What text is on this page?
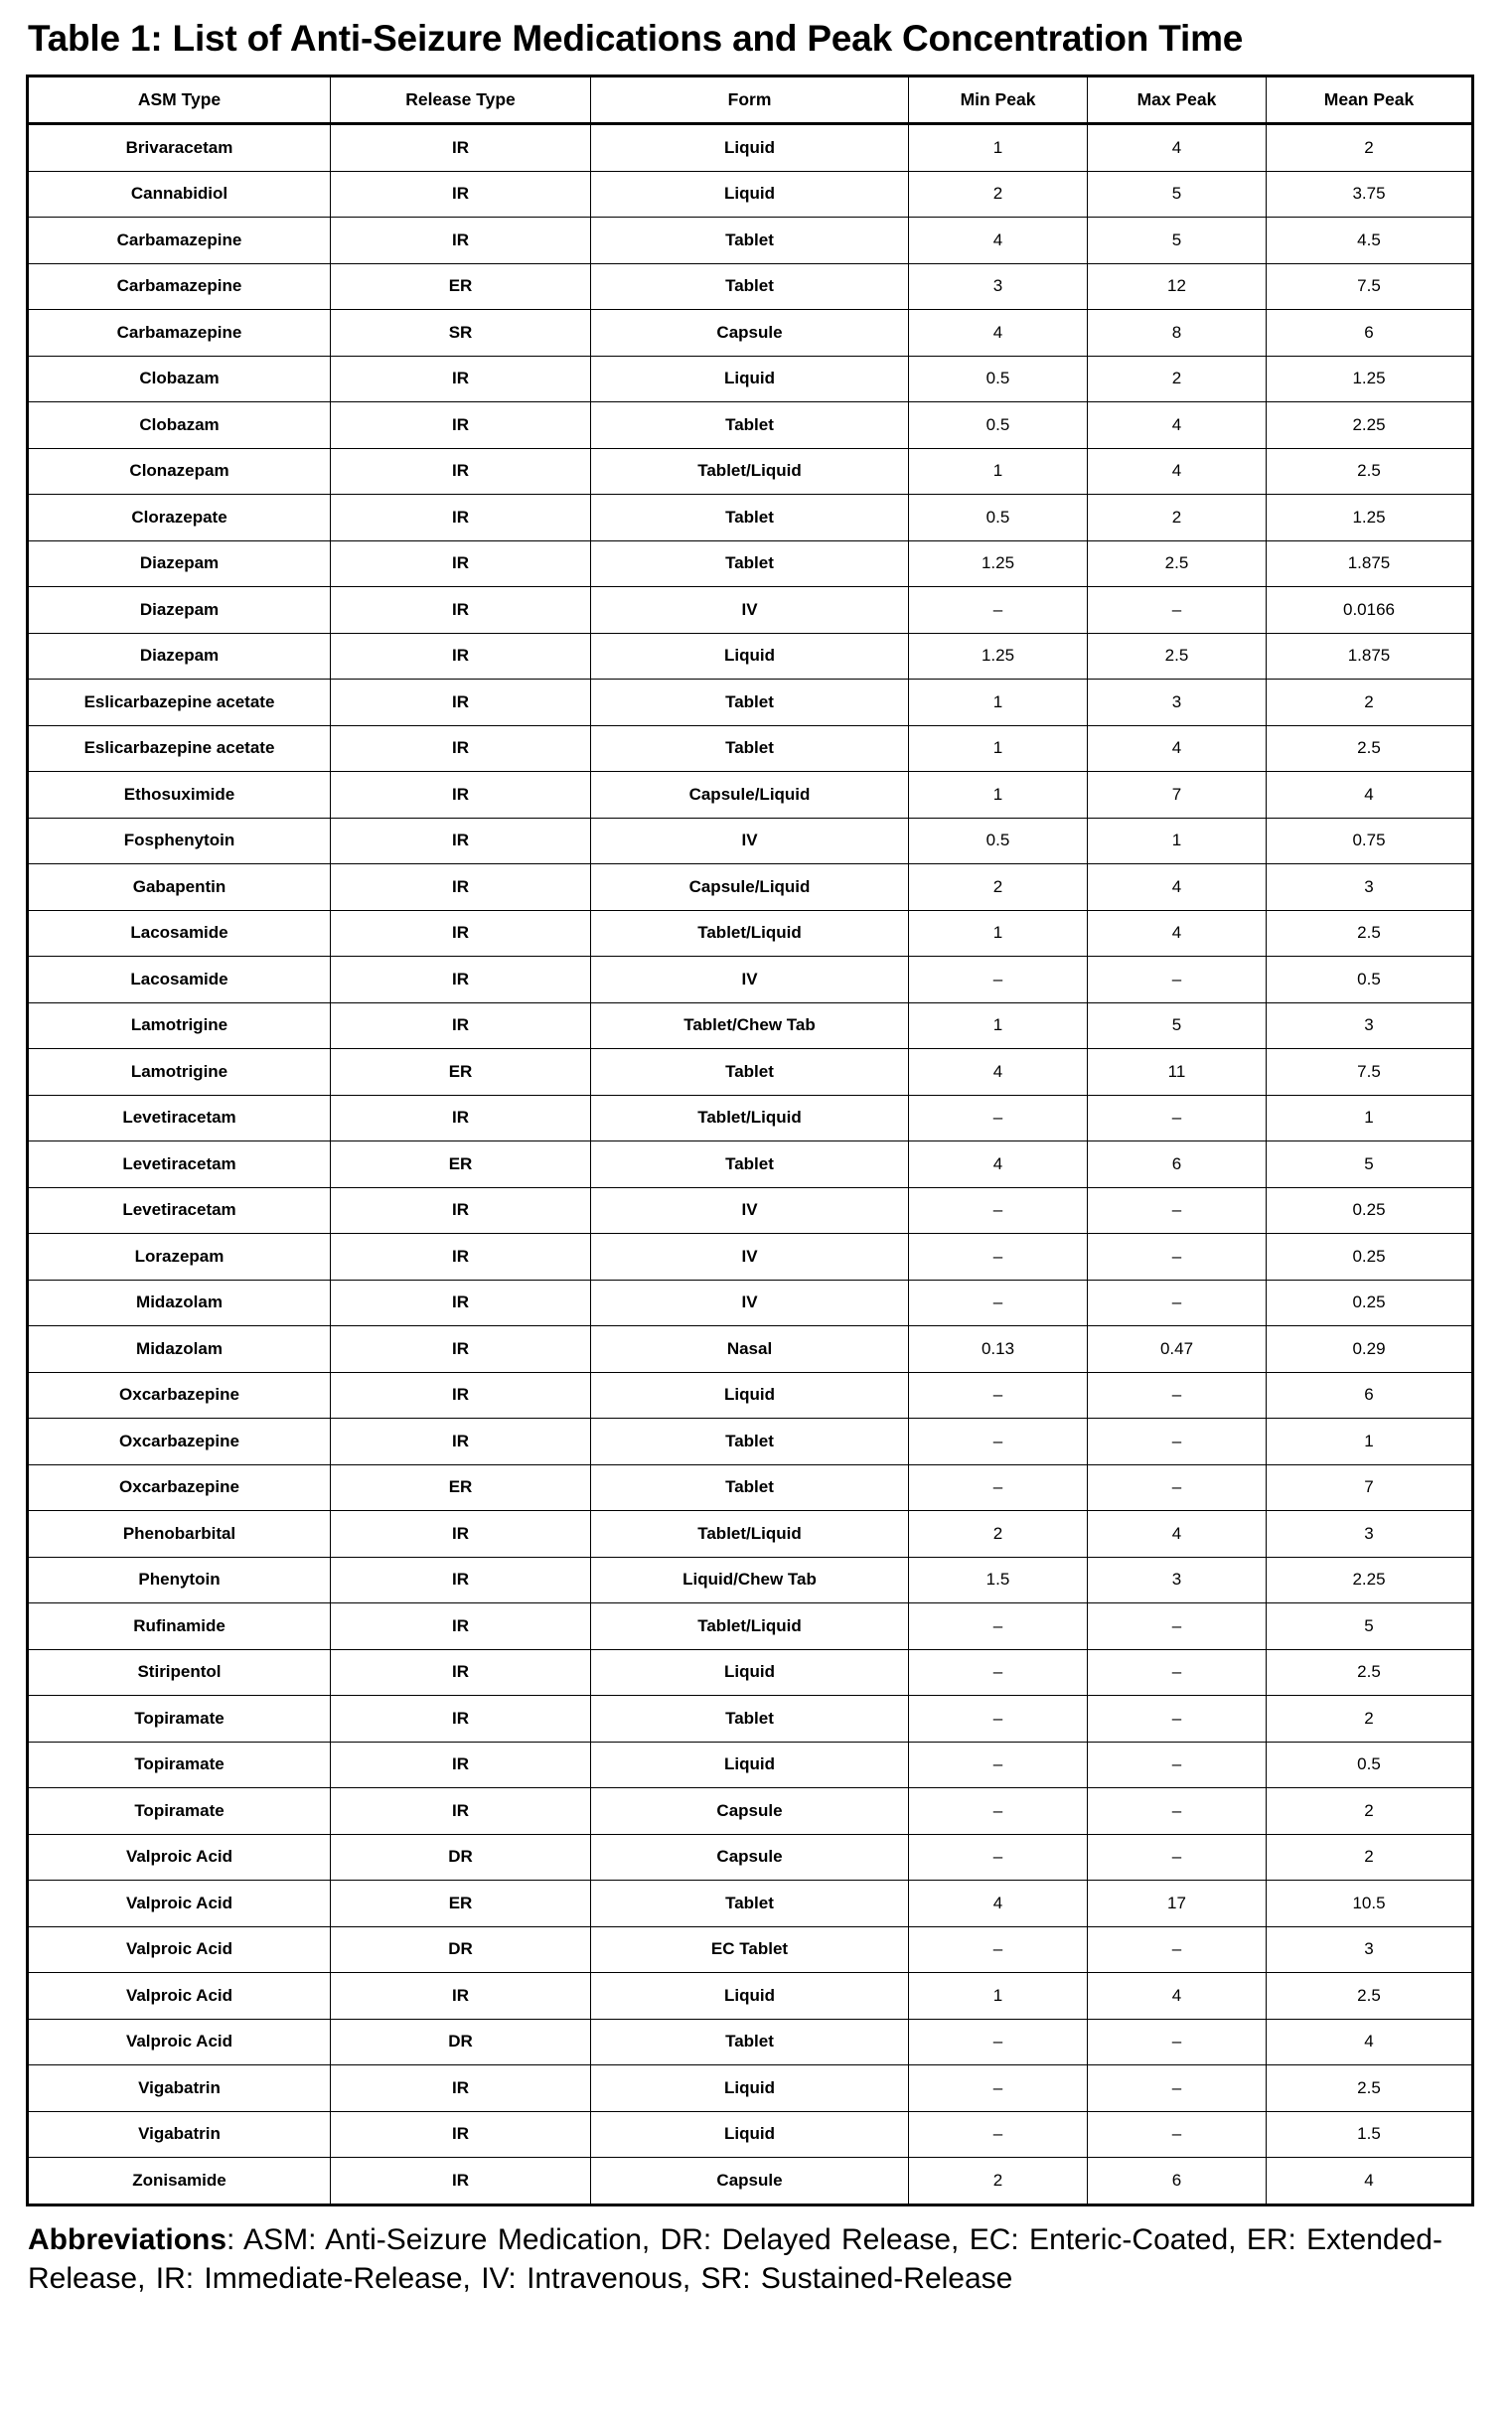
Table 1: List of Anti-Seizure Medications and Peak Concentration Time
ASM Type	Release Type	Form	Min Peak	Max Peak	Mean Peak
Brivaracetam	IR	Liquid	1	4	2
Cannabidiol	IR	Liquid	2	5	3.75
Carbamazepine	IR	Tablet	4	5	4.5
Carbamazepine	ER	Tablet	3	12	7.5
Carbamazepine	SR	Capsule	4	8	6
Clobazam	IR	Liquid	0.5	2	1.25
Clobazam	IR	Tablet	0.5	4	2.25
Clonazepam	IR	Tablet/Liquid	1	4	2.5
Clorazepate	IR	Tablet	0.5	2	1.25
Diazepam	IR	Tablet	1.25	2.5	1.875
Diazepam	IR	IV	–	–	0.0166
Diazepam	IR	Liquid	1.25	2.5	1.875
Eslicarbazepine acetate	IR	Tablet	1	3	2
Eslicarbazepine acetate	IR	Tablet	1	4	2.5
Ethosuximide	IR	Capsule/Liquid	1	7	4
Fosphenytoin	IR	IV	0.5	1	0.75
Gabapentin	IR	Capsule/Liquid	2	4	3
Lacosamide	IR	Tablet/Liquid	1	4	2.5
Lacosamide	IR	IV	–	–	0.5
Lamotrigine	IR	Tablet/Chew Tab	1	5	3
Lamotrigine	ER	Tablet	4	11	7.5
Levetiracetam	IR	Tablet/Liquid	–	–	1
Levetiracetam	ER	Tablet	4	6	5
Levetiracetam	IR	IV	–	–	0.25
Lorazepam	IR	IV	–	–	0.25
Midazolam	IR	IV	–	–	0.25
Midazolam	IR	Nasal	0.13	0.47	0.29
Oxcarbazepine	IR	Liquid	–	–	6
Oxcarbazepine	IR	Tablet	–	–	1
Oxcarbazepine	ER	Tablet	–	–	7
Phenobarbital	IR	Tablet/Liquid	2	4	3
Phenytoin	IR	Liquid/Chew Tab	1.5	3	2.25
Rufinamide	IR	Tablet/Liquid	–	–	5
Stiripentol	IR	Liquid	–	–	2.5
Topiramate	IR	Tablet	–	–	2
Topiramate	IR	Liquid	–	–	0.5
Topiramate	IR	Capsule	–	–	2
Valproic Acid	DR	Capsule	–	–	2
Valproic Acid	ER	Tablet	4	17	10.5
Valproic Acid	DR	EC Tablet	–	–	3
Valproic Acid	IR	Liquid	1	4	2.5
Valproic Acid	DR	Tablet	–	–	4
Vigabatrin	IR	Liquid	–	–	2.5
Vigabatrin	IR	Liquid	–	–	1.5
Zonisamide	IR	Capsule	2	6	4
Abbreviations: ASM: Anti-Seizure Medication, DR: Delayed Release, EC: Enteric-Coated, ER: Extended-Release, IR: Immediate-Release, IV: Intravenous, SR: Sustained-Release
